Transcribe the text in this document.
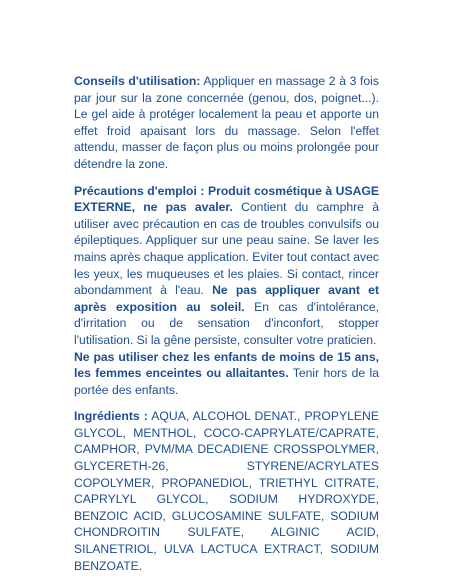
Conseils d'utilisation: Appliquer en massage 2 à 3 fois par jour sur la zone concernée (genou, dos, poignet...). Le gel aide à protéger localement la peau et apporte un effet froid apaisant lors du massage. Selon l'effet attendu, masser de façon plus ou moins prolongée pour détendre la zone.

Précautions d'emploi : Produit cosmétique à USAGE EXTERNE, ne pas avaler. Contient du camphre à utiliser avec précaution en cas de troubles convulsifs ou épileptiques. Appliquer sur une peau saine. Se laver les mains après chaque application. Eviter tout contact avec les yeux, les muqueuses et les plaies. Si contact, rincer abondamment à l'eau. Ne pas appliquer avant et après exposition au soleil. En cas d'intolérance, d'irritation ou de sensation d'inconfort, stopper l'utilisation. Si la gêne persiste, consulter votre praticien.

Ne pas utiliser chez les enfants de moins de 15 ans, les femmes enceintes ou allaitantes. Tenir hors de la portée des enfants.

Ingrédients : AQUA, ALCOHOL DENAT., PROPYLENE GLYCOL, MENTHOL, COCO-CAPRYLATE/CAPRATE, CAMPHOR, PVM/MA DECADIENE CROSSPOLYMER, GLYCERETH-26, STYRENE/ACRYLATES COPOLYMER, PROPANEDIOL, TRIETHYL CITRATE, CAPRYLYL GLYCOL, SODIUM HYDROXYDE, BENZOIC ACID, GLUCOSAMINE SULFATE, SODIUM CHONDROITIN SULFATE, ALGINIC ACID, SILANETRIOL, ULVA LACTUCA EXTRACT, SODIUM BENZOATE.
